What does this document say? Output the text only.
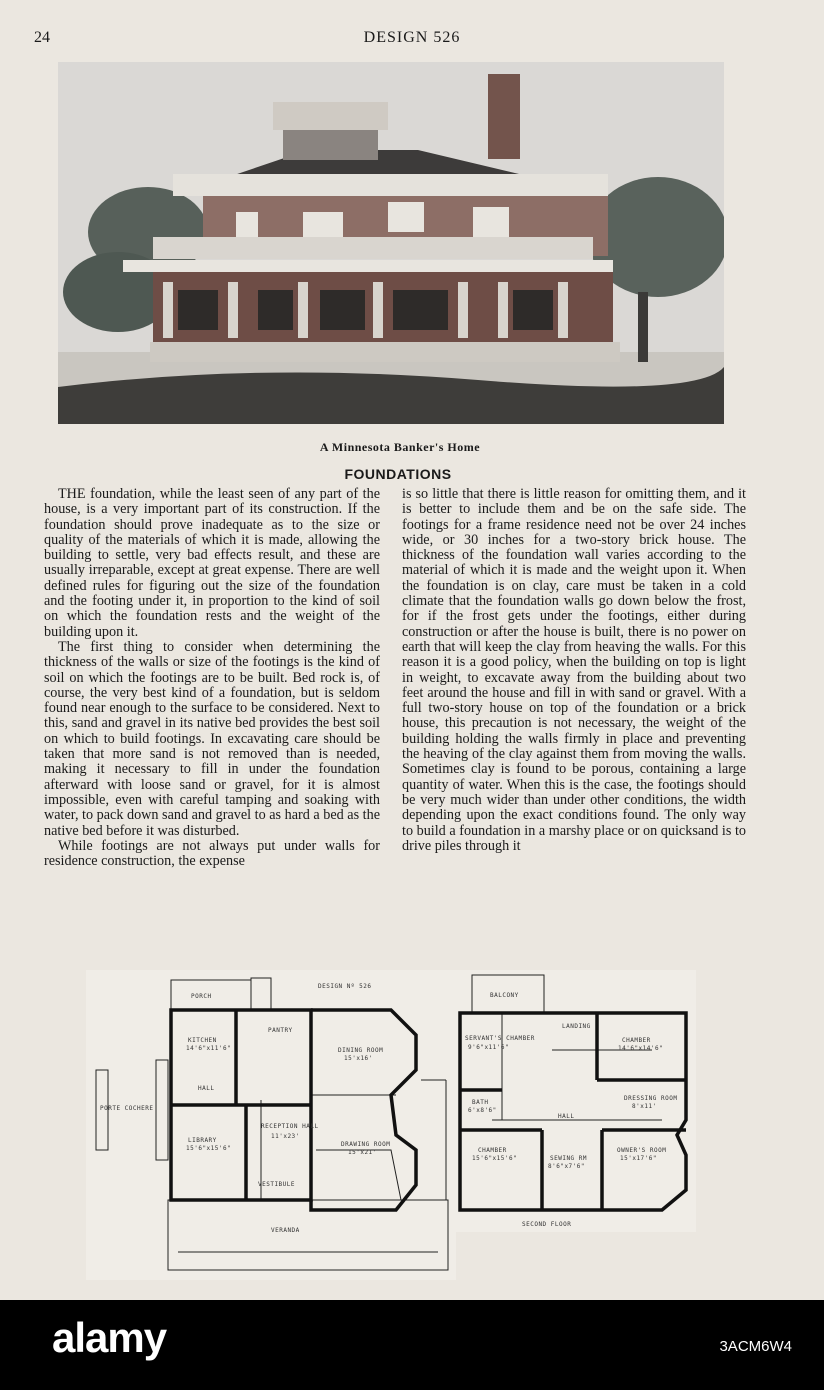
24	DESIGN 526
A Minnesota Banker's Home
FOUNDATIONS

THE foundation, while the least seen of any part of the house, is a very important part of its construction. If the foundation should prove inadequate as to the size or quality of the materials of which it is made, allowing the building to settle, very bad effects result, and these are usually irreparable, except at great expense. There are well defined rules for figuring out the size of the foundation and the footing under it, in proportion to the kind of soil on which the foundation rests and the weight of the building upon it.

The first thing to consider when determining the thickness of the walls or size of the footings is the kind of soil on which the footings are to be built. Bed rock is, of course, the very best kind of a foundation, but is seldom found near enough to the surface to be considered. Next to this, sand and gravel in its native bed provides the best soil on which to build footings. In excavating care should be taken that more sand is not removed than is needed, making it necessary to fill in under the foundation afterward with loose sand or gravel, for it is almost impossible, even with careful tamping and soaking with water, to pack down sand and gravel to as hard a bed as the native bed before it was disturbed.

While footings are not always put under walls for residence construction, the expense

is so little that there is little reason for omitting them, and it is better to include them and be on the safe side. The footings for a frame residence need not be over 24 inches wide, or 30 inches for a two-story brick house. The thickness of the foundation wall varies according to the material of which it is made and the weight upon it. When the foundation is on clay, care must be taken in a cold climate that the foundation walls go down below the frost, for if the frost gets under the footings, either during construction or after the house is built, there is no power on earth that will keep the clay from heaving the walls. For this reason it is a good policy, when the building on top is light in weight, to excavate away from the building about two feet around the house and fill in with sand or gravel. With a full two-story house on top of the foundation or a brick house, this precaution is not necessary, the weight of the building holding the walls firmly in place and preventing the heaving of the clay against them from moving the walls. Sometimes clay is found to be porous, containing a large quantity of water. When this is the case, the footings should be very much wider than under other conditions, the width depending upon the exact conditions found. The only way to build a foundation in a marshy place or on quicksand is to drive piles through it

PORCH
DESIGN Nº 526
KITCHEN
14'6"x11'6"
PANTRY
DINING ROOM
15'x16'
HALL
PORTE COCHERE
LIBRARY
15'6"x15'6"
RECEPTION HALL
11'x23'
DRAWING ROOM
15'x21'
VESTIBULE
VERANDA
BALCONY
LANDING
SERVANT'S CHAMBER
9'6"x11'6"
CHAMBER
14'6"x14'6"
BATH
6'x8'6"
DRESSING ROOM
8'x11'
HALL
CHAMBER
15'6"x15'6"	SEWING RM
8'6"x7'6"
OWNER'S ROOM
15'x17'6"
SECOND FLOOR
alamy	3ACM6W4
